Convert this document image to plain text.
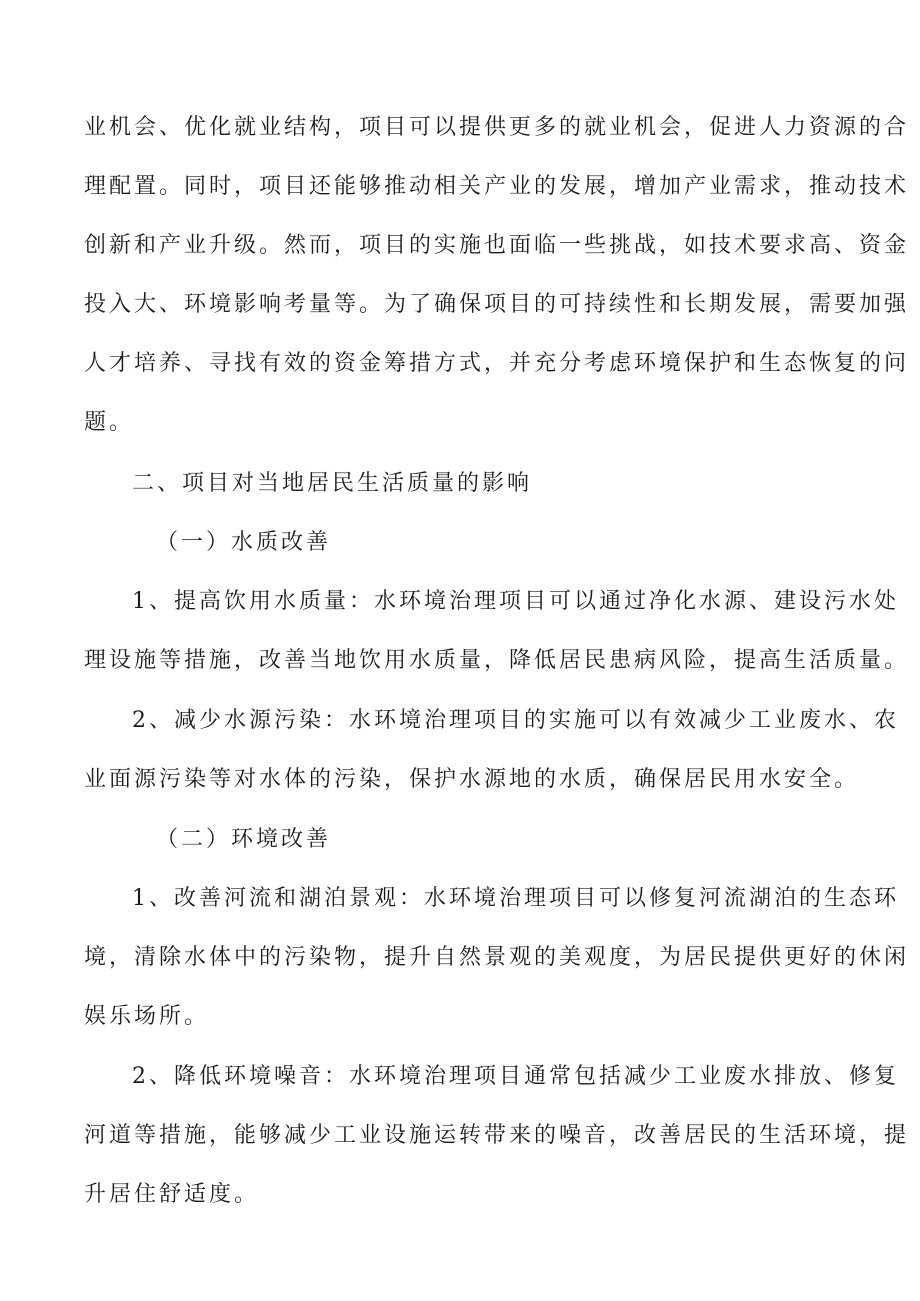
业机会、优化就业结构，项目可以提供更多的就业机会，促进人力资源的合

理配置。同时，项目还能够推动相关产业的发展，增加产业需求，推动技术

创新和产业升级。然而，项目的实施也面临一些挑战，如技术要求高、资金

投入大、环境影响考量等。为了确保项目的可持续性和长期发展，需要加强

人才培养、寻找有效的资金筹措方式，并充分考虑环境保护和生态恢复的问

题。

二、项目对当地居民生活质量的影响

（一）水质改善

1、提高饮用水质量：水环境治理项目可以通过净化水源、建设污水处

理设施等措施，改善当地饮用水质量，降低居民患病风险，提高生活质量。

2、减少水源污染：水环境治理项目的实施可以有效减少工业废水、农

业面源污染等对水体的污染，保护水源地的水质，确保居民用水安全。

（二）环境改善

1、改善河流和湖泊景观：水环境治理项目可以修复河流湖泊的生态环

境，清除水体中的污染物，提升自然景观的美观度，为居民提供更好的休闲

娱乐场所。

2、降低环境噪音：水环境治理项目通常包括减少工业废水排放、修复

河道等措施，能够减少工业设施运转带来的噪音，改善居民的生活环境，提

升居住舒适度。
